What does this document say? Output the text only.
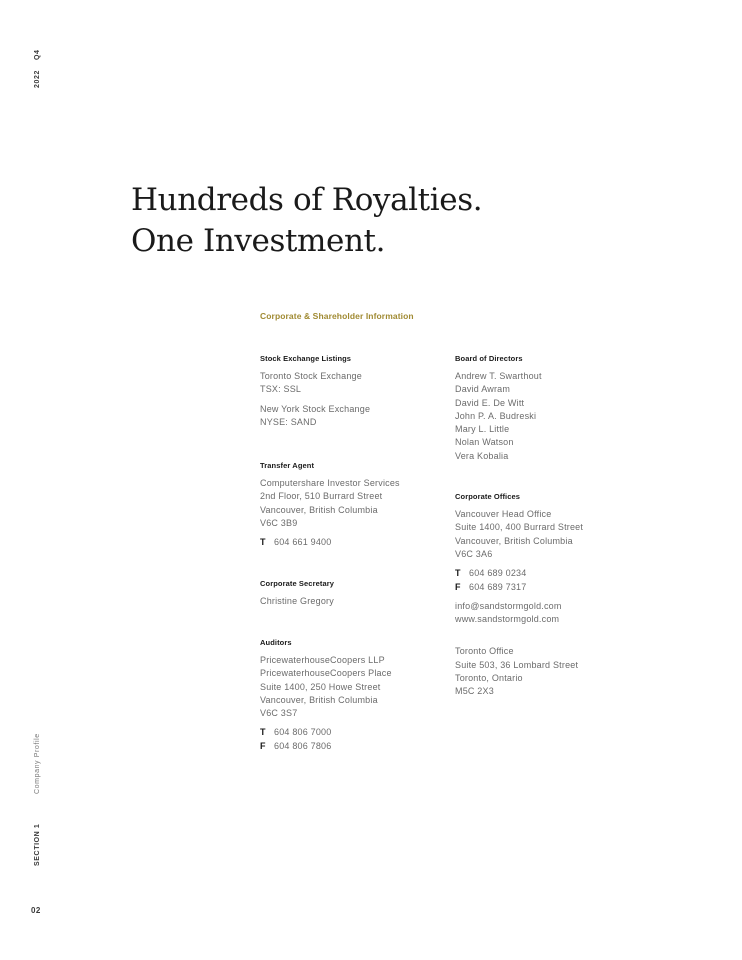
2022Q4
Company Profile
SECTION 1
02
Hundreds of Royalties.
One Investment.
Corporate & Shareholder Information
Stock Exchange Listings
Toronto Stock Exchange
TSX: SSL
New York Stock Exchange
NYSE: SAND
Transfer Agent
Computershare Investor Services
2nd Floor, 510 Burrard Street
Vancouver, British Columbia
V6C 3B9
T 604 661 9400
Corporate Secretary
Christine Gregory
Auditors
PricewaterhouseCoopers LLP
PricewaterhouseCoopers Place
Suite 1400, 250 Howe Street
Vancouver, British Columbia
V6C 3S7
T 604 806 7000
F 604 806 7806
Board of Directors
Andrew T. Swarthout
David Awram
David E. De Witt
John P. A. Budreski
Mary L. Little
Nolan Watson
Vera Kobalia
Corporate Offices
Vancouver Head Office
Suite 1400, 400 Burrard Street
Vancouver, British Columbia
V6C 3A6
T 604 689 0234
F 604 689 7317
info@sandstormgold.com
www.sandstormgold.com
Toronto Office
Suite 503, 36 Lombard Street
Toronto, Ontario
M5C 2X3
